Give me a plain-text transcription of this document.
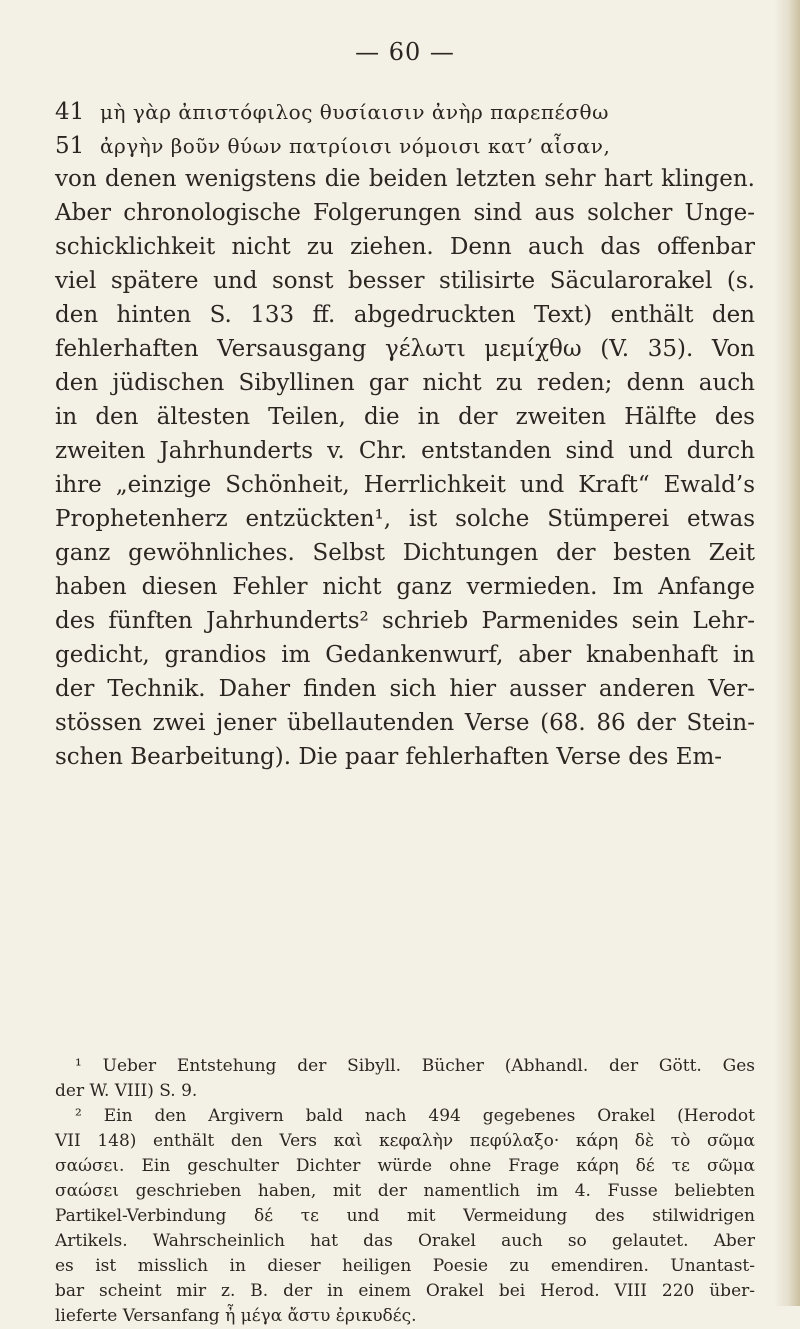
— 60 —
41 μὴ γὰρ ἀπιστόφιλος θυσίαισιν ἀνὴρ παρεπέσθω
51 ἀργὴν βοῦν θύων πατρίοισι νόμοισι κατ’ αἶσαν,
von denen wenigstens die beiden letzten sehr hart klingen.
Aber chronologische Folgerungen sind aus solcher Unge-
schicklichkeit nicht zu ziehen. Denn auch das offenbar
viel spätere und sonst besser stilisirte Säcularorakel (s.
den hinten S. 133 ff. abgedruckten Text) enthält den
fehlerhaften Versausgang γέλωτι μεμίχθω (V. 35). Von
den jüdischen Sibyllinen gar nicht zu reden; denn auch
in den ältesten Teilen, die in der zweiten Hälfte des
zweiten Jahrhunderts v. Chr. entstanden sind und durch
ihre „einzige Schönheit, Herrlichkeit und Kraft“ Ewald’s
Prophetenherz entzückten¹, ist solche Stümperei etwas
ganz gewöhnliches. Selbst Dichtungen der besten Zeit
haben diesen Fehler nicht ganz vermieden. Im Anfange
des fünften Jahrhunderts² schrieb Parmenides sein Lehr-
gedicht, grandios im Gedankenwurf, aber knabenhaft in
der Technik. Daher finden sich hier ausser anderen Ver-
stössen zwei jener übellautenden Verse (68. 86 der Stein-
schen Bearbeitung). Die paar fehlerhaften Verse des Em-
¹ Ueber Entstehung der Sibyll. Bücher (Abhandl. der Gött. Ges
der W. VIII) S. 9.
² Ein den Argivern bald nach 494 gegebenes Orakel (Herodot
VII 148) enthält den Vers καὶ κεφαλὴν πεφύλαξο· κάρη δὲ τὸ σῶμα
σαώσει. Ein geschulter Dichter würde ohne Frage κάρη δέ τε σῶμα
σαώσει geschrieben haben, mit der namentlich im 4. Fusse beliebten
Partikel-Verbindung δέ τε und mit Vermeidung des stilwidrigen
Artikels. Wahrscheinlich hat das Orakel auch so gelautet. Aber
es ist misslich in dieser heiligen Poesie zu emendiren. Unantast-
bar scheint mir z. B. der in einem Orakel bei Herod. VIII 220 über-
lieferte Versanfang ἦ μέγα ἄστυ ἐρικυδές.
